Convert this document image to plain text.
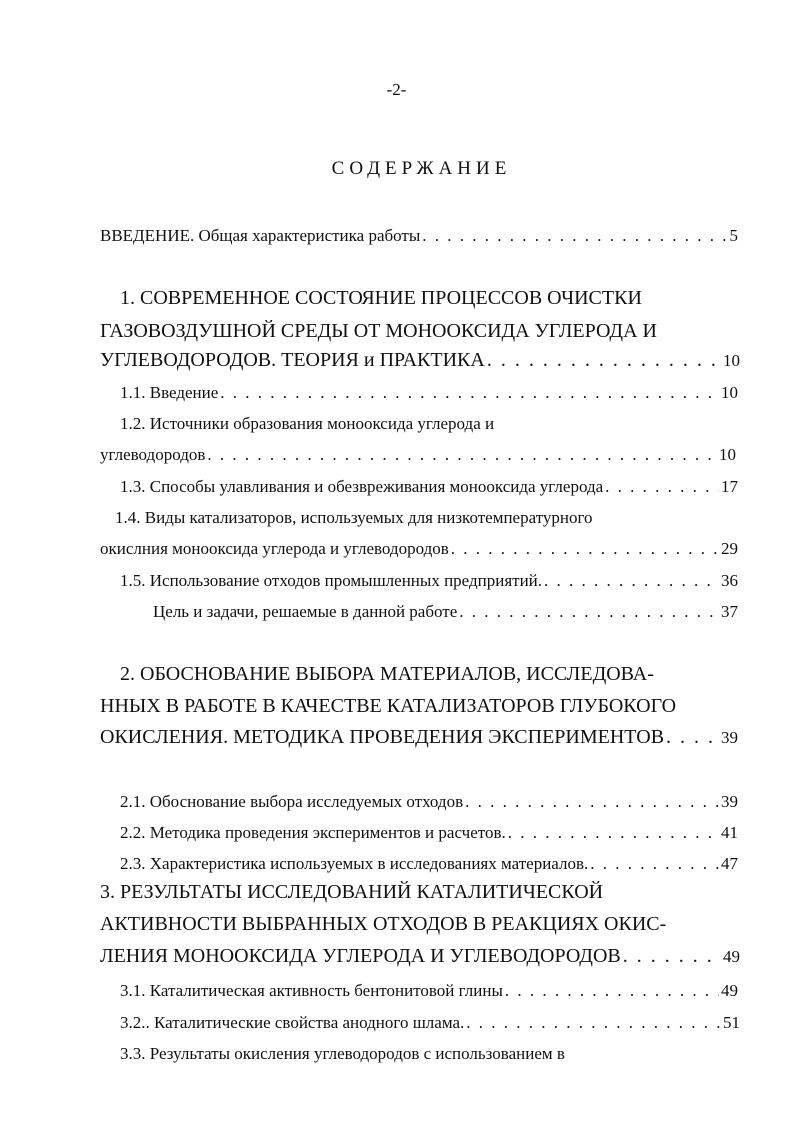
-2-
СОДЕРЖАНИЕ
ВВЕДЕНИЕ. Общая характеристика работы . . .	5
1. СОВРЕМЕННОЕ СОСТОЯНИЕ ПРОЦЕССОВ ОЧИСТКИ
ГАЗОВОЗДУШНОЙ СРЕДЫ ОТ МОНООКСИДА УГЛЕРОДА И
УГЛЕВОДОРОДОВ. ТЕОРИЯ и ПРАКТИКА . . .	10
1.1. Введение . . .	10
1.2. Источники образования монооксида углерода и
углеводородов . . .	10
1.3. Способы улавливания и обезвреживания монооксида углерода . . .	17
1.4. Виды катализаторов, используемых для низкотемпературного
окислния монооксида углерода и углеводородов . . .	29
1.5. Использование отходов промышленных предприятий. . . .	36
Цель и задачи, решаемые в данной работе . . .	37
2. ОБОСНОВАНИЕ ВЫБОРА МАТЕРИАЛОВ, ИССЛЕДОВА-
ННЫХ В РАБОТЕ В КАЧЕСТВЕ КАТАЛИЗАТОРОВ ГЛУБОКОГО
ОКИСЛЕНИЯ. МЕТОДИКА ПРОВЕДЕНИЯ ЭКСПЕРИМЕНТОВ . . .	39
2.1. Обоснование выбора исследуемых отходов . . .	39
2.2. Методика проведения экспериментов и расчетов. . . .	41
2.3. Характеристика используемых в исследованиях материалов. . . .	47
3. РЕЗУЛЬТАТЫ ИССЛЕДОВАНИЙ КАТАЛИТИЧЕСКОЙ
АКТИВНОСТИ ВЫБРАННЫХ ОТХОДОВ В РЕАКЦИЯХ ОКИС-
ЛЕНИЯ МОНООКСИДА УГЛЕРОДА И УГЛЕВОДОРОДОВ . . .	49
3.1. Каталитическая активность бентонитовой глины . . .	49
3.2.. Каталитические свойства анодного шлама. . . .	51
3.3. Результаты окисления углеводородов с использованием в
